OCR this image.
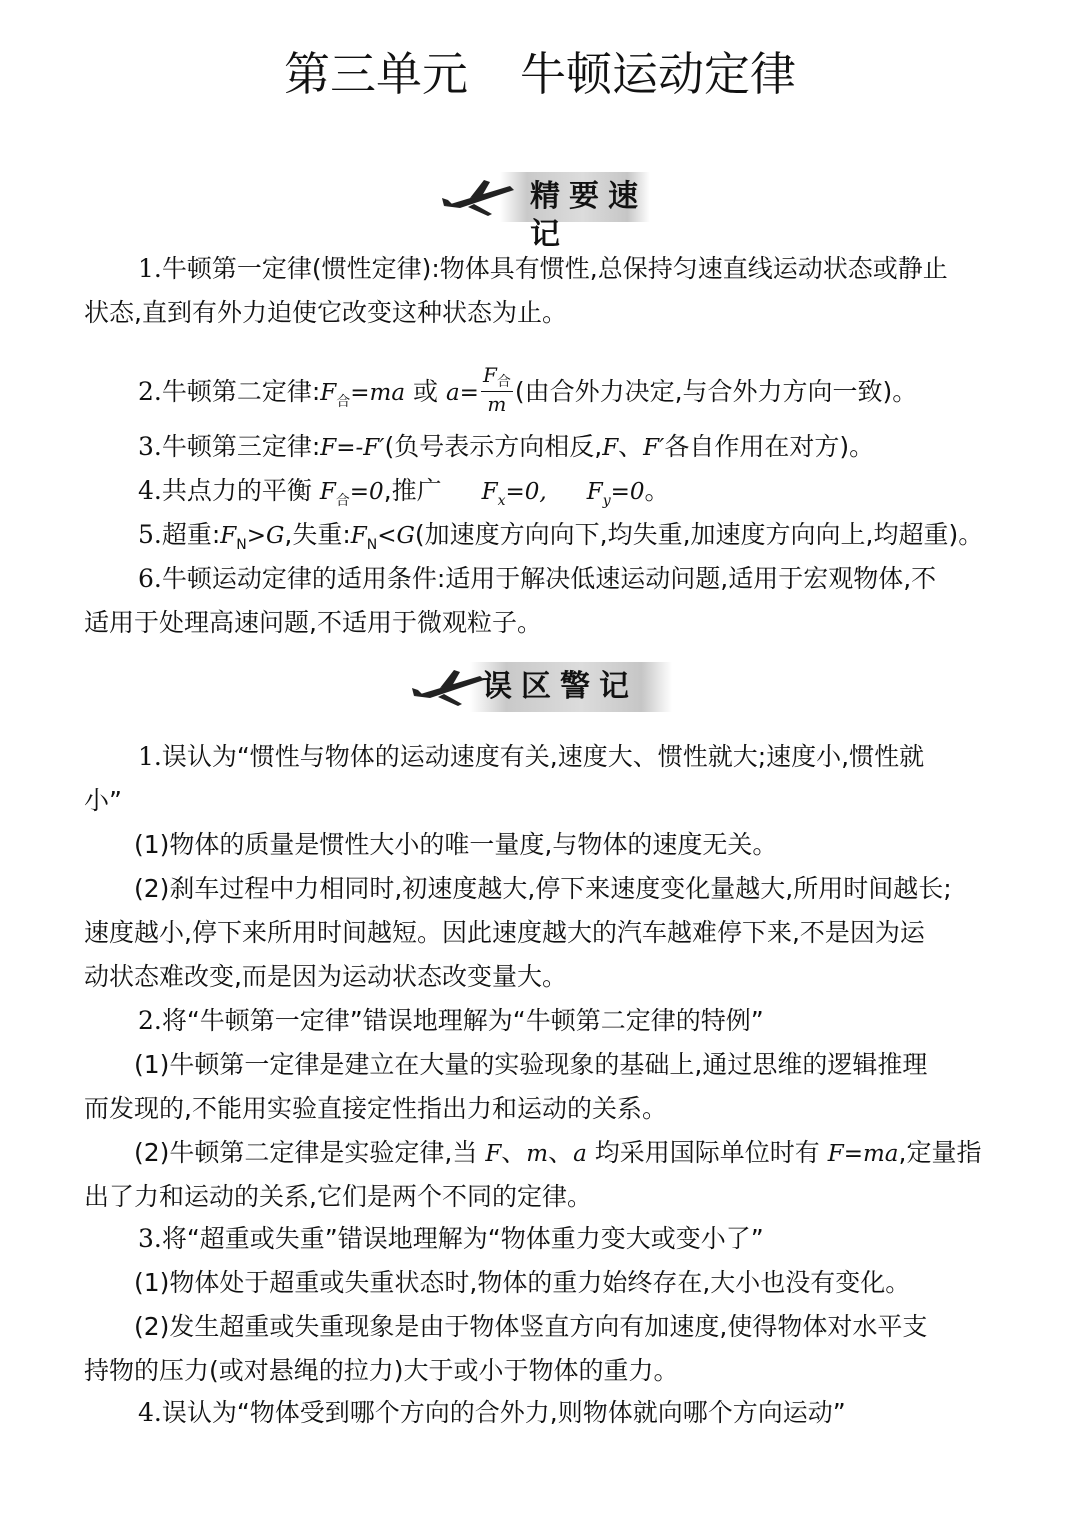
第三单元 牛顿运动定律
精要速记
1.牛顿第一定律(惯性定律):物体具有惯性,总保持匀速直线运动状态或静止
状态,直到有外力迫使它改变这种状态为止。
2.牛顿第二定律$:F_合=ma$ 或 $a= \frac{F_合}{m}$ (由合外力决定,与合外力方向一致)。
3.牛顿第三定律:F=-F′(负号表示方向相反,F、F′各自作用在对方)。
4.共点力的平衡 $F_合=0$,推广 $F_x=0$, $F_y=0$。
5.超重$:F_N>G$,失重$:F_N<G$(加速度方向向下,均失重,加速度方向向上,均超重)。
6.牛顿运动定律的适用条件:适用于解决低速运动问题,适用于宏观物体,不
适用于处理高速问题,不适用于微观粒子。
误区警记
1.误认为“惯性与物体的运动速度有关,速度大、惯性就大;速度小,惯性就
小”
(1)物体的质量是惯性大小的唯一量度,与物体的速度无关。
(2)刹车过程中力相同时,初速度越大,停下来速度变化量越大,所用时间越长;
速度越小,停下来所用时间越短。因此速度越大的汽车越难停下来,不是因为运
动状态难改变,而是因为运动状态改变量大。
2.将“牛顿第一定律”错误地理解为“牛顿第二定律的特例”
(1)牛顿第一定律是建立在大量的实验现象的基础上,通过思维的逻辑推理
而发现的,不能用实验直接定性指出力和运动的关系。
(2)牛顿第二定律是实验定律,当 F、m、a 均采用国际单位时有 F=ma,定量指
出了力和运动的关系,它们是两个不同的定律。
3.将“超重或失重”错误地理解为“物体重力变大或变小了”
(1)物体处于超重或失重状态时,物体的重力始终存在,大小也没有变化。
(2)发生超重或失重现象是由于物体竖直方向有加速度,使得物体对水平支
持物的压力(或对悬绳的拉力)大于或小于物体的重力。
4.误认为“物体受到哪个方向的合外力,则物体就向哪个方向运动”
